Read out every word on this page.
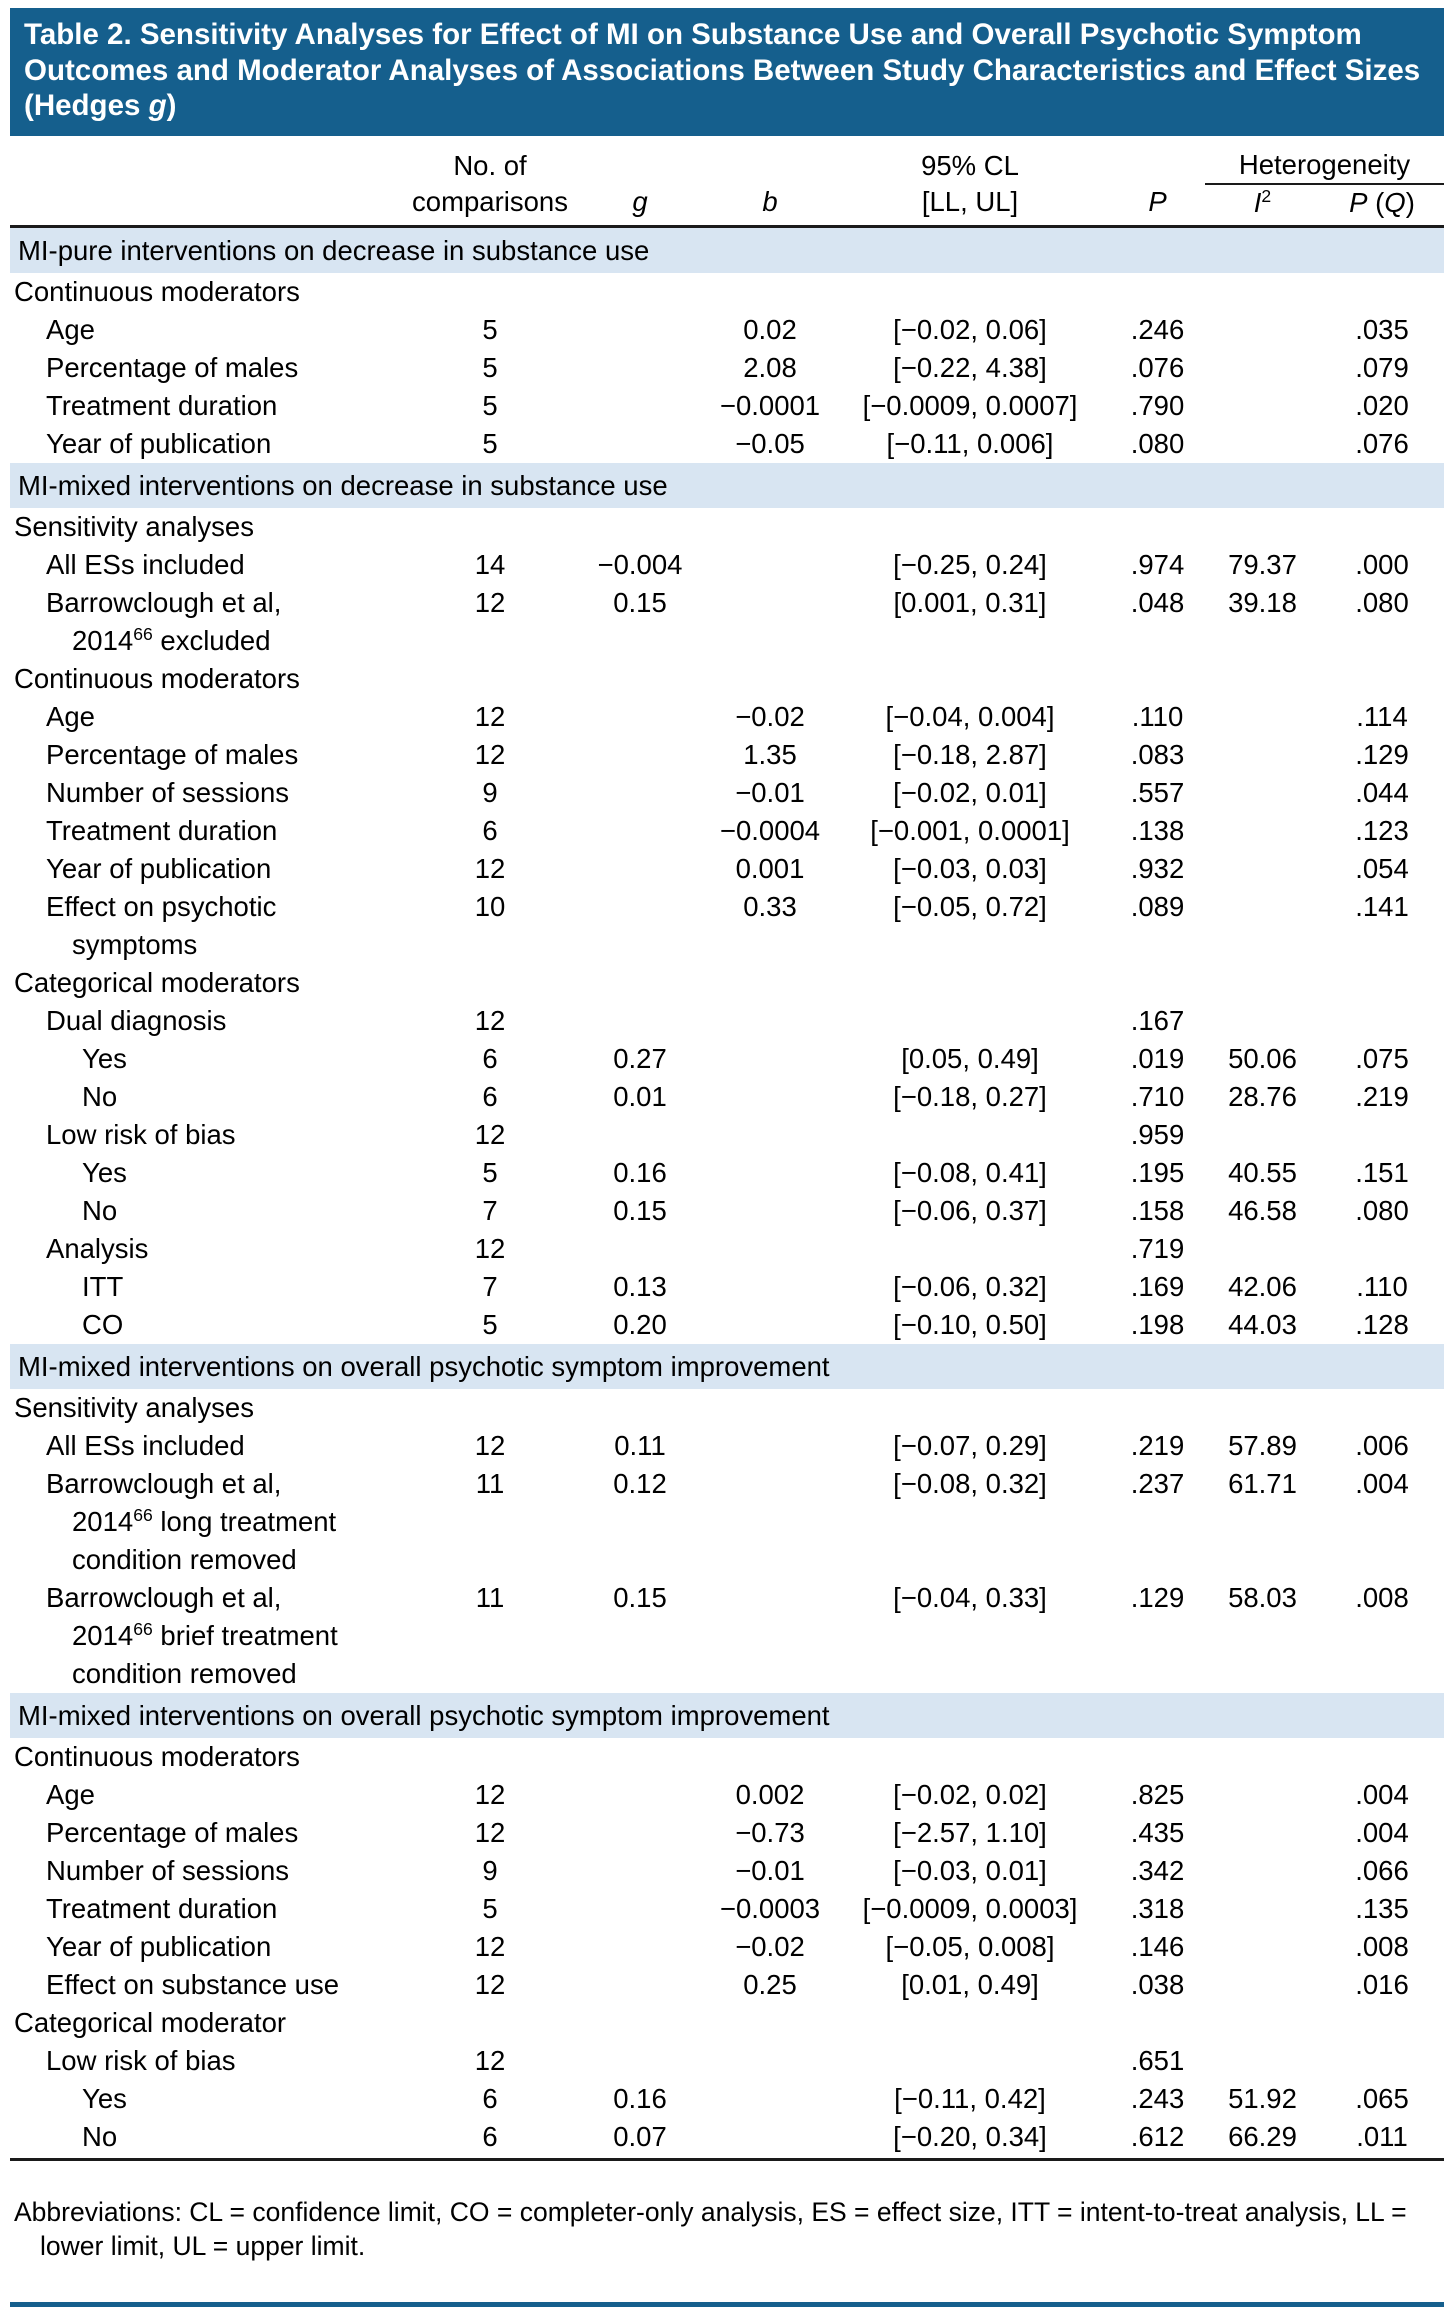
Table 2. Sensitivity Analyses for Effect of MI on Substance Use and Overall Psychotic Symptom Outcomes and Moderator Analyses of Associations Between Study Characteristics and Effect Sizes (Hedges g)
	No. of			95% CL		Heterogeneity	
	comparisons	g	b	[LL, UL]	P	$I^2$	P (Q)
MI-pure interventions on decrease in substance use							
Continuous moderators							

Age	5		0.02	[−0.02, 0.06]	.246		.035

Percentage of males	5		2.08	[−0.22, 4.38]	.076		.079

Treatment duration	5		−0.0001	[−0.0009, 0.0007]	.790		.020

Year of publication	5		−0.05	[−0.11, 0.006]	.080		.076
MI-mixed interventions on decrease in substance use							
Sensitivity analyses							

All ESs included	14	−0.004		[−0.25, 0.24]	.974	79.37	.000

Barrowclough et al,
2014$^{66}$ excluded	12	0.15		[0.001, 0.31]	.048	39.18	.080
Continuous moderators							

Age	12		−0.02	[−0.04, 0.004]	.110		.114

Percentage of males	12		1.35	[−0.18, 2.87]	.083		.129

Number of sessions	9		−0.01	[−0.02, 0.01]	.557		.044

Treatment duration	6		−0.0004	[−0.001, 0.0001]	.138		.123

Year of publication	12		0.001	[−0.03, 0.03]	.932		.054

Effect on psychotic
symptoms	10		0.33	[−0.05, 0.72]	.089		.141
Categorical moderators							

Dual diagnosis	12				.167		

Yes	6	0.27		[0.05, 0.49]	.019	50.06	.075

No	6	0.01		[−0.18, 0.27]	.710	28.76	.219

Low risk of bias	12				.959		

Yes	5	0.16		[−0.08, 0.41]	.195	40.55	.151

No	7	0.15		[−0.06, 0.37]	.158	46.58	.080

Analysis	12				.719		

ITT	7	0.13		[−0.06, 0.32]	.169	42.06	.110

CO	5	0.20		[−0.10, 0.50]	.198	44.03	.128
MI-mixed interventions on overall psychotic symptom improvement							
Sensitivity analyses							

All ESs included	12	0.11		[−0.07, 0.29]	.219	57.89	.006

Barrowclough et al,
2014$^{66}$ long treatment
condition removed	11	0.12		[−0.08, 0.32]	.237	61.71	.004

Barrowclough et al,
2014$^{66}$ brief treatment
condition removed	11	0.15		[−0.04, 0.33]	.129	58.03	.008
MI-mixed interventions on overall psychotic symptom improvement							
Continuous moderators							

Age	12		0.002	[−0.02, 0.02]	.825		.004

Percentage of males	12		−0.73	[−2.57, 1.10]	.435		.004

Number of sessions	9		−0.01	[−0.03, 0.01]	.342		.066

Treatment duration	5		−0.0003	[−0.0009, 0.0003]	.318		.135

Year of publication	12		−0.02	[−0.05, 0.008]	.146		.008

Effect on substance use	12		0.25	[0.01, 0.49]	.038		.016
Categorical moderator							

Low risk of bias	12				.651		

Yes	6	0.16		[−0.11, 0.42]	.243	51.92	.065

No	6	0.07		[−0.20, 0.34]	.612	66.29	.011

Abbreviations: CL = confidence limit, CO = completer-only analysis, ES = effect size, ITT = intent-to-treat analysis, LL = lower limit, UL = upper limit.
